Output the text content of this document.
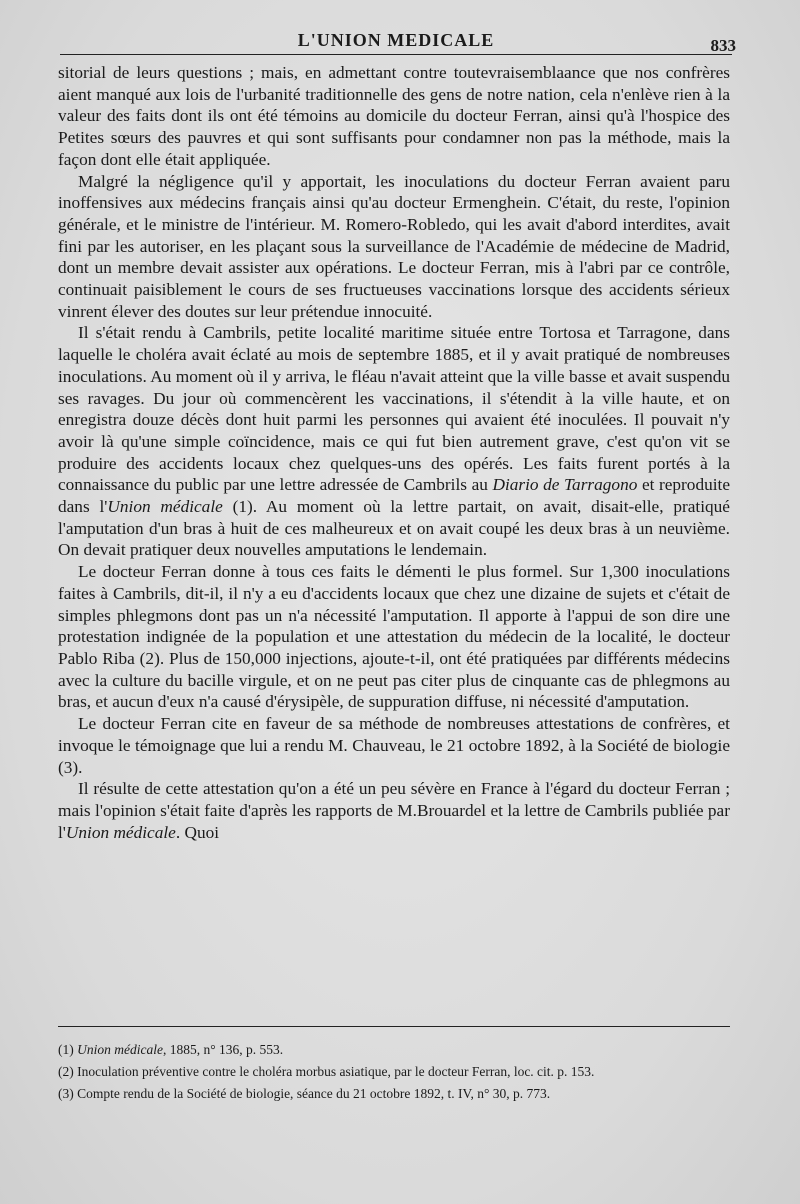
L'UNION MEDICALE	833

sitorial de leurs questions ; mais, en admettant contre toutevraisemblaance que nos confrères aient manqué aux lois de l'urbanité traditionnelle des gens de notre nation, cela n'enlève rien à la valeur des faits dont ils ont été témoins au domicile du docteur Ferran, ainsi qu'à l'hospice des Petites sœurs des pauvres et qui sont suffisants pour condamner non pas la méthode, mais la façon dont elle était appliquée.

Malgré la négligence qu'il y apportait, les inoculations du docteur Ferran avaient paru inoffensives aux médecins français ainsi qu'au docteur Ermenghein. C'était, du reste, l'opinion générale, et le ministre de l'intérieur. M. Romero-Robledo, qui les avait d'abord interdites, avait fini par les autoriser, en les plaçant sous la surveillance de l'Académie de médecine de Madrid, dont un membre devait assister aux opérations. Le docteur Ferran, mis à l'abri par ce contrôle, continuait paisiblement le cours de ses fructueuses vaccinations lorsque des accidents sérieux vinrent élever des doutes sur leur prétendue innocuité.

Il s'était rendu à Cambrils, petite localité maritime située entre Tortosa et Tarragone, dans laquelle le choléra avait éclaté au mois de septembre 1885, et il y avait pratiqué de nombreuses inoculations. Au moment où il y arriva, le fléau n'avait atteint que la ville basse et avait suspendu ses ravages. Du jour où commencèrent les vaccinations, il s'étendit à la ville haute, et on enregistra douze décès dont huit parmi les personnes qui avaient été inoculées. Il pouvait n'y avoir là qu'une simple coïncidence, mais ce qui fut bien autrement grave, c'est qu'on vit se produire des accidents locaux chez quelques-uns des opérés. Les faits furent portés à la connaissance du public par une lettre adressée de Cambrils au Diario de Tarragono et reproduite dans l'Union médicale (1). Au moment où la lettre partait, on avait, disait-elle, pratiqué l'amputation d'un bras à huit de ces malheureux et on avait coupé les deux bras à un neuvième. On devait pratiquer deux nouvelles amputations le lendemain.

Le docteur Ferran donne à tous ces faits le démenti le plus formel. Sur 1,300 inoculations faites à Cambrils, dit-il, il n'y a eu d'accidents locaux que chez une dizaine de sujets et c'était de simples phlegmons dont pas un n'a nécessité l'amputation. Il apporte à l'appui de son dire une protestation indignée de la population et une attestation du médecin de la localité, le docteur Pablo Riba (2). Plus de 150,000 injections, ajoute-t-il, ont été pratiquées par différents médecins avec la culture du bacille virgule, et on ne peut pas citer plus de cinquante cas de phlegmons au bras, et aucun d'eux n'a causé d'érysipèle, de suppuration diffuse, ni nécessité d'amputation.

Le docteur Ferran cite en faveur de sa méthode de nombreuses attestations de confrères, et invoque le témoignage que lui a rendu M. Chauveau, le 21 octobre 1892, à la Société de biologie (3).

Il résulte de cette attestation qu'on a été un peu sévère en France à l'égard du docteur Ferran ; mais l'opinion s'était faite d'après les rapports de M.Brouardel et la lettre de Cambrils publiée par l'Union médicale. Quoi

(1) Union médicale, 1885, n° 136, p. 553.

(2) Inoculation préventive contre le choléra morbus asiatique, par le docteur Ferran, loc. cit. p. 153.

(3) Compte rendu de la Société de biologie, séance du 21 octobre 1892, t. IV, n° 30, p. 773.
